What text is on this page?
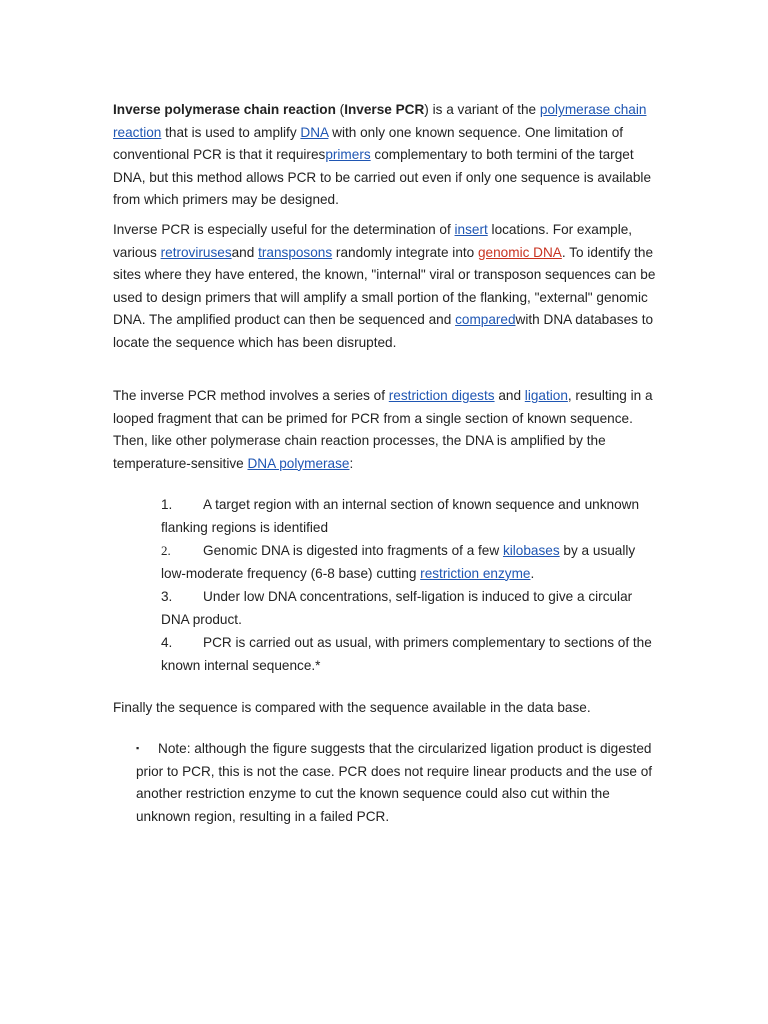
Inverse polymerase chain reaction (Inverse PCR) is a variant of the polymerase chain reaction that is used to amplify DNA with only one known sequence. One limitation of conventional PCR is that it requiresprimers complementary to both termini of the target DNA, but this method allows PCR to be carried out even if only one sequence is available from which primers may be designed.

Inverse PCR is especially useful for the determination of insert locations. For example, various retrovirusesand transposons randomly integrate into genomic DNA. To identify the sites where they have entered, the known, "internal" viral or transposon sequences can be used to design primers that will amplify a small portion of the flanking, "external" genomic DNA. The amplified product can then be sequenced and comparedwith DNA databases to locate the sequence which has been disrupted.

The inverse PCR method involves a series of restriction digests and ligation, resulting in a looped fragment that can be primed for PCR from a single section of known sequence. Then, like other polymerase chain reaction processes, the DNA is amplified by the temperature-sensitive DNA polymerase:

1. A target region with an internal section of known sequence and unknown flanking regions is identified
2. Genomic DNA is digested into fragments of a few kilobases by a usually low-moderate frequency (6-8 base) cutting restriction enzyme.
3. Under low DNA concentrations, self-ligation is induced to give a circular DNA product.
4. PCR is carried out as usual, with primers complementary to sections of the known internal sequence.*

Finally the sequence is compared with the sequence available in the data base.

▪ Note: although the figure suggests that the circularized ligation product is digested prior to PCR, this is not the case. PCR does not require linear products and the use of another restriction enzyme to cut the known sequence could also cut within the unknown region, resulting in a failed PCR.
